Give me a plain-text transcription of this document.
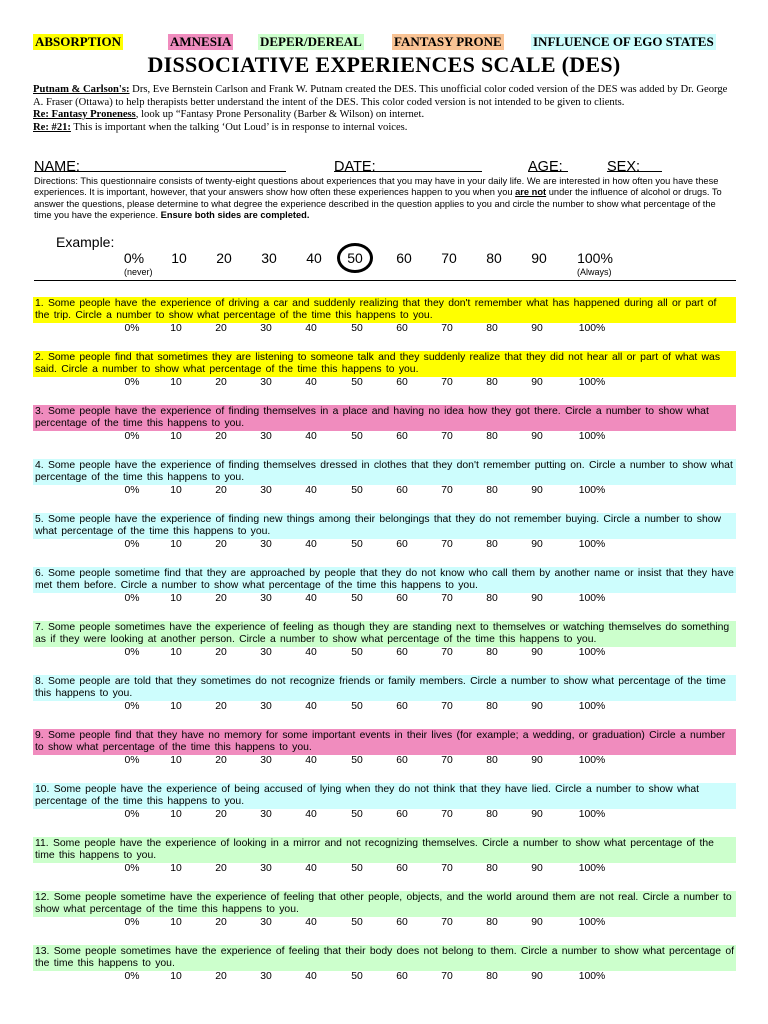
ABSORPTION	AMNESIA DEPER/DEREAL FANTASY PRONE INFLUENCE OF EGO STATES
DISSOCIATIVE EXPERIENCES SCALE (DES)

Putnam & Carlson's: Drs, Eve Bernstein Carlson and Frank W. Putnam created the DES. This unofficial color coded version of the DES was added by Dr. George A. Fraser (Ottawa) to help therapists better understand the intent of the DES. This color coded version is not intended to be given to clients.

Re: Fantasy Proneness, look up “Fantasy Prone Personality (Barber & Wilson) on internet.

Re: #21: This is important when the talking ‘Out Loud’ is in response to internal voices.

NAME:	DATE:	AGE:	SEX:
Directions: This questionnaire consists of twenty-eight questions about experiences that you may have in your daily life. We are interested in how often you have these experiences. It is important, however, that your answers show how often these experiences happen to you when you are not under the influence of alcohol or drugs. To answer the questions, please determine to what degree the experience described in the question applies to you and circle the number to show what percentage of the time you have the experience. Ensure both sides are completed.
Example:
0%	10	20	30	40	50	60	70	80	90	100%
(never)	(Always)
1. Some people have the experience of driving a car and suddenly realizing that they don't remember what has happened during all or part of the trip. Circle a number to show what percentage of the time this happens to you.
0%	10	20	30	40	50	60	70	80	90	100%
2. Some people find that sometimes they are listening to someone talk and they suddenly realize that they did not hear all or part of what was said. Circle a number to show what percentage of the time this happens to you.
0%	10	20	30	40	50	60	70	80	90	100%
3. Some people have the experience of finding themselves in a place and having no idea how they got there. Circle a number to show what percentage of the time this happens to you.
0%	10	20	30	40	50	60	70	80	90	100%
4. Some people have the experience of finding themselves dressed in clothes that they don't remember putting on. Circle a number to show what percentage of the time this happens to you.
0%	10	20	30	40	50	60	70	80	90	100%
5. Some people have the experience of finding new things among their belongings that they do not remember buying. Circle a number to show what percentage of the time this happens to you.
0%	10	20	30	40	50	60	70	80	90	100%
6. Some people sometime find that they are approached by people that they do not know who call them by another name or insist that they have met them before. Circle a number to show what percentage of the time this happens to you.
0%	10	20	30	40	50	60	70	80	90	100%
7. Some people sometimes have the experience of feeling as though they are standing next to themselves or watching themselves do something as if they were looking at another person. Circle a number to show what percentage of the time this happens to you.
0%	10	20	30	40	50	60	70	80	90	100%
8. Some people are told that they sometimes do not recognize friends or family members. Circle a number to show what percentage of the time this happens to you.
0%	10	20	30	40	50	60	70	80	90	100%
9. Some people find that they have no memory for some important events in their lives (for example; a wedding, or graduation) Circle a number to show what percentage of the time this happens to you.
0%	10	20	30	40	50	60	70	80	90	100%
10. Some people have the experience of being accused of lying when they do not think that they have lied. Circle a number to show what percentage of the time this happens to you.
0%	10	20	30	40	50	60	70	80	90	100%
11. Some people have the experience of looking in a mirror and not recognizing themselves. Circle a number to show what percentage of the time this happens to you.
0%	10	20	30	40	50	60	70	80	90	100%
12. Some people sometime have the experience of feeling that other people, objects, and the world around them are not real. Circle a number to show what percentage of the time this happens to you.
0%	10	20	30	40	50	60	70	80	90	100%
13. Some people sometimes have the experience of feeling that their body does not belong to them. Circle a number to show what percentage of the time this happens to you.
0%	10	20	30	40	50	60	70	80	90	100%
